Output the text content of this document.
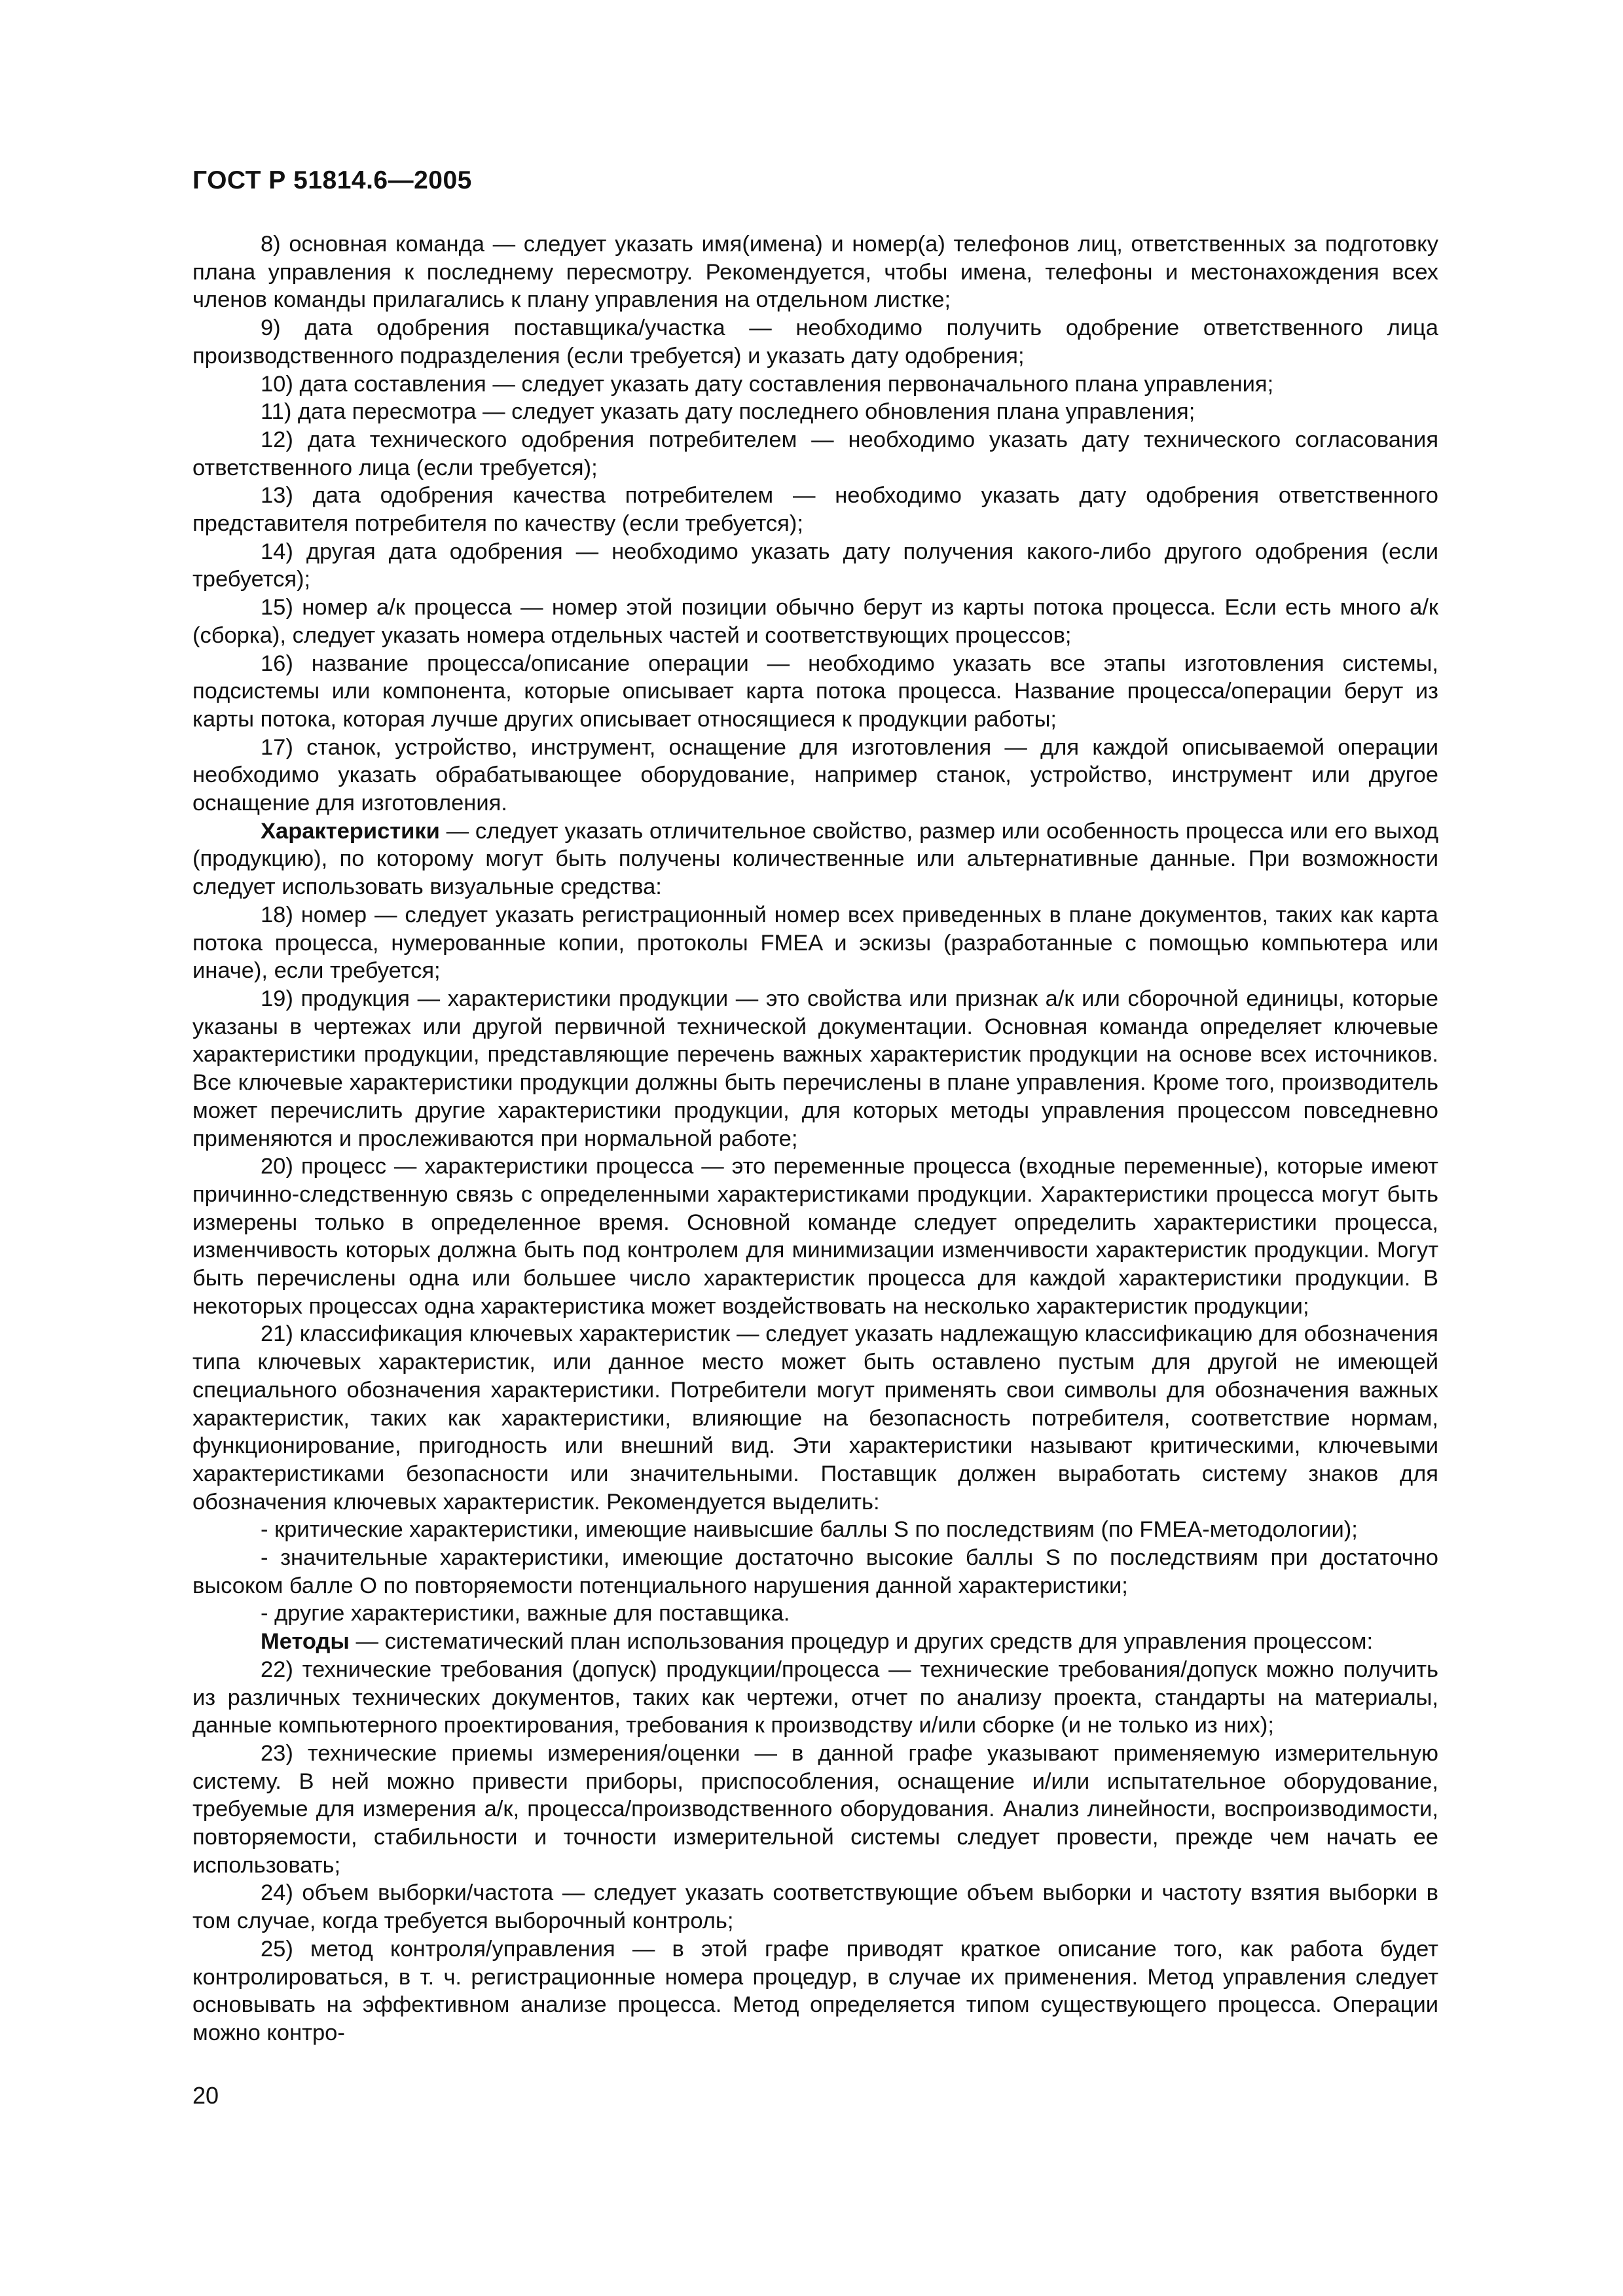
ГОСТ Р 51814.6—2005

8) основная команда — следует указать имя(имена) и номер(а) телефонов лиц, ответственных за подготовку плана управления к последнему пересмотру. Рекомендуется, чтобы имена, телефоны и местонахождения всех членов команды прилагались к плану управления на отдельном листке;

9) дата одобрения поставщика/участка — необходимо получить одобрение ответственного лица производственного подразделения (если требуется) и указать дату одобрения;

10) дата составления — следует указать дату составления первоначального плана управления;

11) дата пересмотра — следует указать дату последнего обновления плана управления;

12) дата технического одобрения потребителем — необходимо указать дату технического согласования ответственного лица (если требуется);

13) дата одобрения качества потребителем — необходимо указать дату одобрения ответственного представителя потребителя по качеству (если требуется);

14) другая дата одобрения — необходимо указать дату получения какого-либо другого одобрения (если требуется);

15) номер а/к процесса — номер этой позиции обычно берут из карты потока процесса. Если есть много а/к (сборка), следует указать номера отдельных частей и соответствующих процессов;

16) название процесса/описание операции — необходимо указать все этапы изготовления системы, подсистемы или компонента, которые описывает карта потока процесса. Название процесса/операции берут из карты потока, которая лучше других описывает относящиеся к продукции работы;

17) станок, устройство, инструмент, оснащение для изготовления — для каждой описываемой операции необходимо указать обрабатывающее оборудование, например станок, устройство, инструмент или другое оснащение для изготовления.

Характеристики — следует указать отличительное свойство, размер или особенность процесса или его выход (продукцию), по которому могут быть получены количественные или альтернативные данные. При возможности следует использовать визуальные средства:

18) номер — следует указать регистрационный номер всех приведенных в плане документов, таких как карта потока процесса, нумерованные копии, протоколы FMEA и эскизы (разработанные с помощью компьютера или иначе), если требуется;

19) продукция — характеристики продукции — это свойства или признак а/к или сборочной единицы, которые указаны в чертежах или другой первичной технической документации. Основная команда определяет ключевые характеристики продукции, представляющие перечень важных характеристик продукции на основе всех источников. Все ключевые характеристики продукции должны быть перечислены в плане управления. Кроме того, производитель может перечислить другие характеристики продукции, для которых методы управления процессом повседневно применяются и прослеживаются при нормальной работе;

20) процесс — характеристики процесса — это переменные процесса (входные переменные), которые имеют причинно-следственную связь с определенными характеристиками продукции. Характеристики процесса могут быть измерены только в определенное время. Основной команде следует определить характеристики процесса, изменчивость которых должна быть под контролем для минимизации изменчивости характеристик продукции. Могут быть перечислены одна или большее число характеристик процесса для каждой характеристики продукции. В некоторых процессах одна характеристика может воздействовать на несколько характеристик продукции;

21) классификация ключевых характеристик — следует указать надлежащую классификацию для обозначения типа ключевых характеристик, или данное место может быть оставлено пустым для другой не имеющей специального обозначения характеристики. Потребители могут применять свои символы для обозначения важных характеристик, таких как характеристики, влияющие на безопасность потребителя, соответствие нормам, функционирование, пригодность или внешний вид. Эти характеристики называют критическими, ключевыми характеристиками безопасности или значительными. Поставщик должен выработать систему знаков для обозначения ключевых характеристик. Рекомендуется выделить:

- критические характеристики, имеющие наивысшие баллы S по последствиям (по FMEA-методологии);

- значительные характеристики, имеющие достаточно высокие баллы S по последствиям при достаточно высоком балле O по повторяемости потенциального нарушения данной характеристики;

- другие характеристики, важные для поставщика.

Методы — систематический план использования процедур и других средств для управления процессом:

22) технические требования (допуск) продукции/процесса — технические требования/допуск можно получить из различных технических документов, таких как чертежи, отчет по анализу проекта, стандарты на материалы, данные компьютерного проектирования, требования к производству и/или сборке (и не только из них);

23) технические приемы измерения/оценки — в данной графе указывают применяемую измерительную систему. В ней можно привести приборы, приспособления, оснащение и/или испытательное оборудование, требуемые для измерения а/к, процесса/производственного оборудования. Анализ линейности, воспроизводимости, повторяемости, стабильности и точности измерительной системы следует провести, прежде чем начать ее использовать;

24) объем выборки/частота — следует указать соответствующие объем выборки и частоту взятия выборки в том случае, когда требуется выборочный контроль;

25) метод контроля/управления — в этой графе приводят краткое описание того, как работа будет контролироваться, в т. ч. регистрационные номера процедур, в случае их применения. Метод управления следует основывать на эффективном анализе процесса. Метод определяется типом существующего процесса. Операции можно контро-

20
